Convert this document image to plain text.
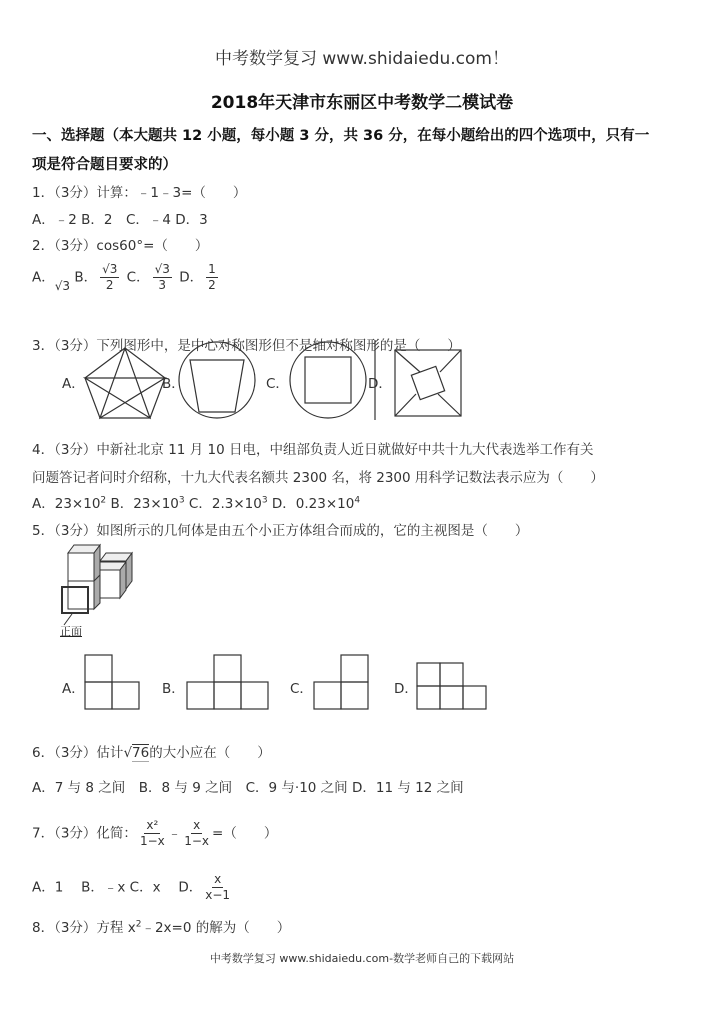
中考数学复习 www.shidaiedu.com！
2018年天津市东丽区中考数学二模试卷
一、选择题（本大题共 12 小题，每小题 3 分，共 36 分，在每小题给出的四个选项中，只有一
项是符合题目要求的）
1．（3分）计算：﹣1﹣3=（　　）
A．﹣2 B．2　C．﹣4 D．3
2．（3分）cos60°=（　　）
A．√3 B． $\frac{√3}{2}$ C． $\frac{√3}{3}$ D． $\frac{1}{2}$
3．（3分）下列图形中，是中心对称图形但不是轴对称图形的是（　　）
A．	B．	C．	D．
4．（3分）中新社北京 11 月 10 日电，中组部负责人近日就做好中共十九大代表选举工作有关
问题答记者问时介绍称，十九大代表名额共 2300 名，将 2300 用科学记数法表示应为（　　）
A．$23\times 10^2$ B．$23\times 10^3$ C．$2.3\times 10^3$ D．$0.23\times 10^4$
5．（3分）如图所示的几何体是由五个小正方体组合而成的，它的主视图是（　　）
正面
A．	B．	C．	D．
6．（3分）估计√76的大小应在（　　）
A．7 与 8 之间　B．8 与 9 之间　C．9 与·10 之间 D．11 与 12 之间
7．（3分）化简： $\frac{\text{x²}}{1-x}$ ﹣ $\frac{x}{1-x}$ =（　　）
A．1　 B．﹣x C．x　 D． $\frac{x}{x-1}$
8．（3分）方程 $x^2﹣2x=0$ 的解为（　　）
中考数学复习 www.shidaiedu.com-数学老师自己的下载网站
